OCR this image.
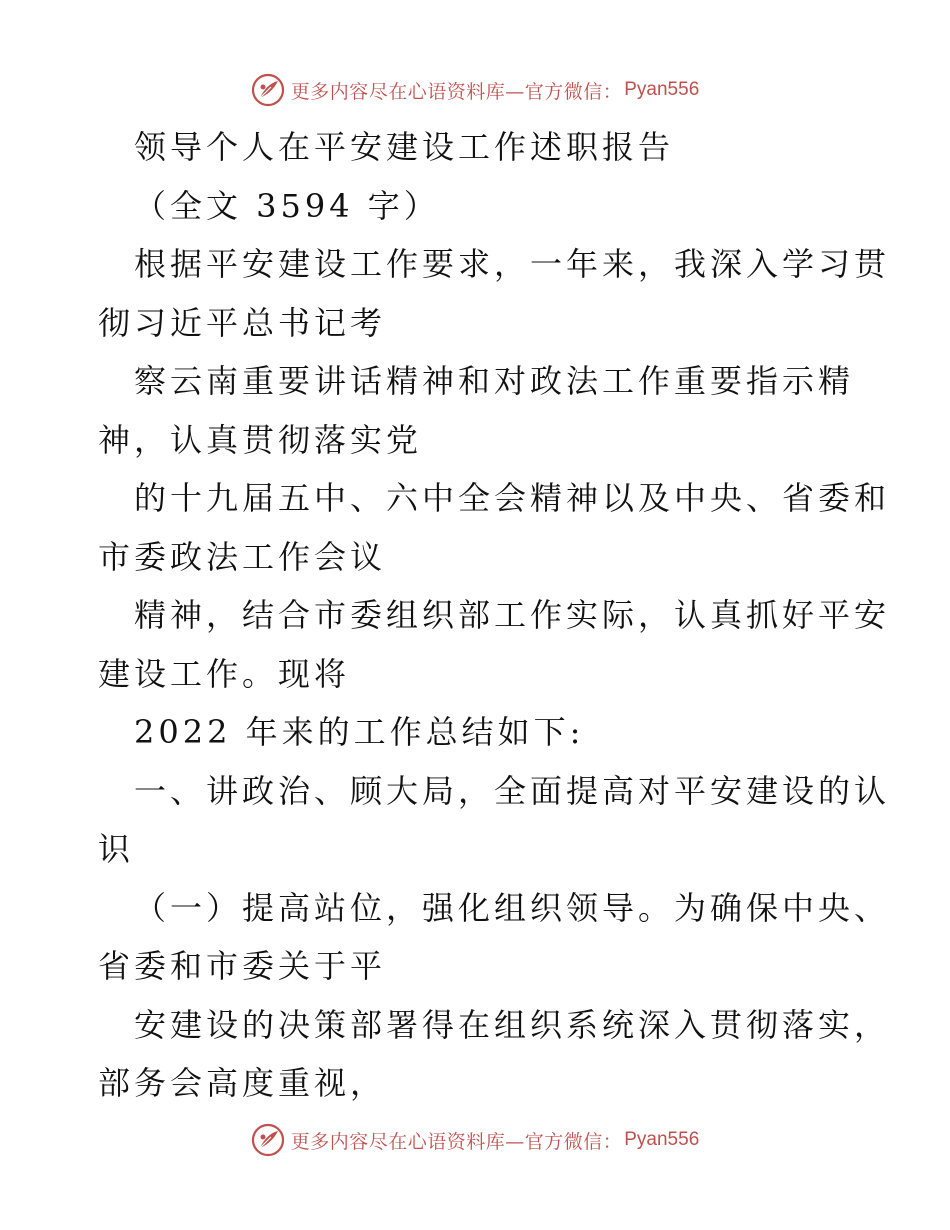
更多内容尽在心语资料库—官方微信： Pyan556
领导个人在平安建设工作述职报告
（全文 3594 字）
根据平安建设工作要求，一年来，我深入学习贯
彻习近平总书记考
察云南重要讲话精神和对政法工作重要指示精
神，认真贯彻落实党
的十九届五中、六中全会精神以及中央、省委和
市委政法工作会议
精神，结合市委组织部工作实际，认真抓好平安
建设工作。现将
2022 年来的工作总结如下:
一、讲政治、顾大局，全面提高对平安建设的认
识
（一）提高站位，强化组织领导。为确保中央、
省委和市委关于平
安建设的决策部署得在组织系统深入贯彻落实，
部务会高度重视，
更多内容尽在心语资料库—官方微信： Pyan556
